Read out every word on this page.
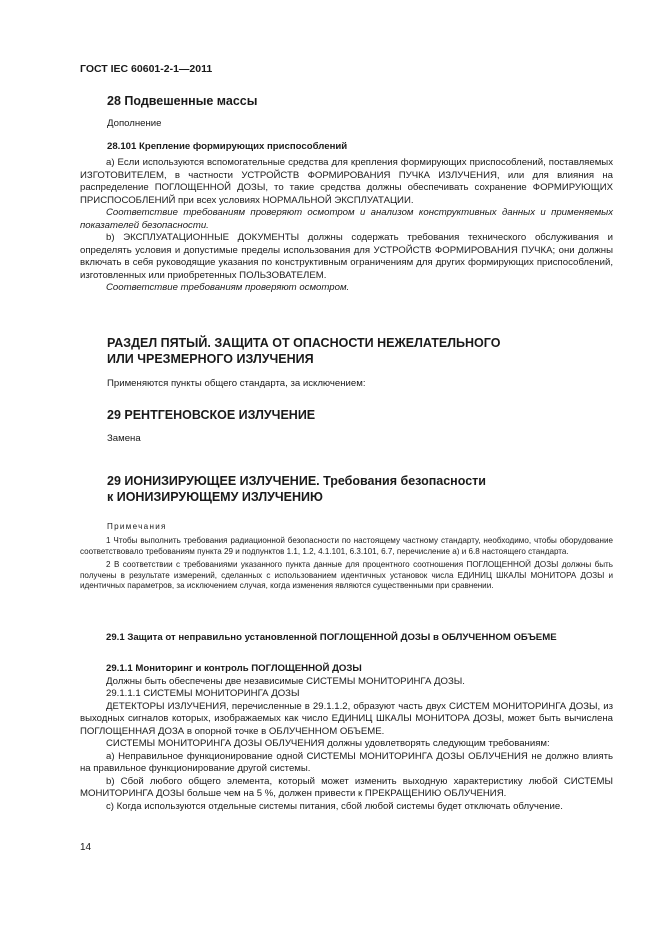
ГОСТ IEC 60601-2-1—2011
28 Подвешенные массы
Дополнение
28.101 Крепление формирующих приспособлений
а) Если используются вспомогательные средства для крепления формирующих приспособлений, поставляемых ИЗГОТОВИТЕЛЕМ, в частности УСТРОЙСТВ ФОРМИРОВАНИЯ ПУЧКА ИЗЛУЧЕНИЯ, или для влияния на распределение ПОГЛОЩЕННОЙ ДОЗЫ, то такие средства должны обеспечивать сохранение ФОРМИРУЮЩИХ ПРИСПОСОБЛЕНИЙ при всех условиях НОРМАЛЬНОЙ ЭКСПЛУАТАЦИИ.
Соответствие требованиям проверяют осмотром и анализом конструктивных данных и применяемых показателей безопасности.
b) ЭКСПЛУАТАЦИОННЫЕ ДОКУМЕНТЫ должны содержать требования технического обслуживания и определять условия и допустимые пределы использования для УСТРОЙСТВ ФОРМИРОВАНИЯ ПУЧКА; они должны включать в себя руководящие указания по конструктивным ограничениям для других формирующих приспособлений, изготовленных или приобретенных ПОЛЬЗОВАТЕЛЕМ.
Соответствие требованиям проверяют осмотром.
РАЗДЕЛ ПЯТЫЙ. ЗАЩИТА ОТ ОПАСНОСТИ НЕЖЕЛАТЕЛЬНОГО
ИЛИ ЧРЕЗМЕРНОГО ИЗЛУЧЕНИЯ
Применяются пункты общего стандарта, за исключением:
29 РЕНТГЕНОВСКОЕ ИЗЛУЧЕНИЕ
Замена
29 ИОНИЗИРУЮЩЕЕ ИЗЛУЧЕНИЕ. Требования безопасности
к ИОНИЗИРУЮЩЕМУ ИЗЛУЧЕНИЮ
Примечания
1 Чтобы выполнить требования радиационной безопасности по настоящему частному стандарту, необходимо, чтобы оборудование соответствовало требованиям пункта 29 и подпунктов 1.1, 1.2, 4.1.101, 6.3.101, 6.7, перечисление а) и 6.8 настоящего стандарта.
2 В соответствии с требованиями указанного пункта данные для процентного соотношения ПОГЛОЩЕННОЙ ДОЗЫ должны быть получены в результате измерений, сделанных с использованием идентичных установок числа ЕДИНИЦ ШКАЛЫ МОНИТОРА ДОЗЫ и идентичных параметров, за исключением случая, когда изменения являются существенными при сравнении.
29.1 Защита от неправильно установленной ПОГЛОЩЕННОЙ ДОЗЫ в ОБЛУЧЕННОМ ОБЪЕМЕ
29.1.1 Мониторинг и контроль ПОГЛОЩЕННОЙ ДОЗЫ
Должны быть обеспечены две независимые СИСТЕМЫ МОНИТОРИНГА ДОЗЫ.
29.1.1.1 СИСТЕМЫ МОНИТОРИНГА ДОЗЫ
ДЕТЕКТОРЫ ИЗЛУЧЕНИЯ, перечисленные в 29.1.1.2, образуют часть двух СИСТЕМ МОНИТОРИНГА ДОЗЫ, из выходных сигналов которых, изображаемых как число ЕДИНИЦ ШКАЛЫ МОНИТОРА ДОЗЫ, может быть вычислена ПОГЛОЩЕННАЯ ДОЗА в опорной точке в ОБЛУЧЕННОМ ОБЪЕМЕ.
СИСТЕМЫ МОНИТОРИНГА ДОЗЫ ОБЛУЧЕНИЯ должны удовлетворять следующим требованиям:
а) Неправильное функционирование одной СИСТЕМЫ МОНИТОРИНГА ДОЗЫ ОБЛУЧЕНИЯ не должно влиять на правильное функционирование другой системы.
b) Сбой любого общего элемента, который может изменить выходную характеристику любой СИСТЕМЫ МОНИТОРИНГА ДОЗЫ больше чем на 5 %, должен привести к ПРЕКРАЩЕНИЮ ОБЛУЧЕНИЯ.
c) Когда используются отдельные системы питания, сбой любой системы будет отключать облучение.
14
